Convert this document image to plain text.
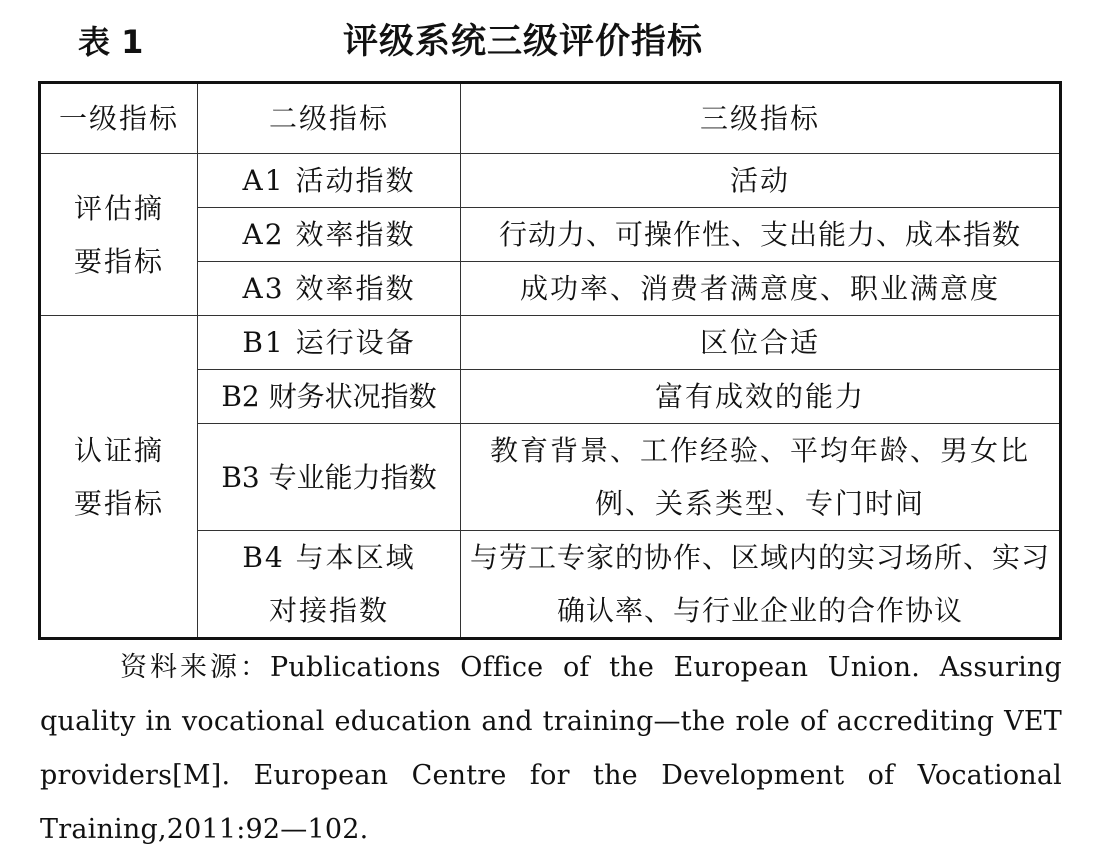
表 1	评级系统三级评价指标
一级指标	二级指标	三级指标
评估摘要指标	A1 活动指数	活动
	A2 效率指数	行动力、可操作性、支出能力、成本指数
	A3 效率指数	成功率、消费者满意度、职业满意度
认证摘要指标	B1 运行设备	区位合适
	B2 财务状况指数	富有成效的能力
	B3 专业能力指数	教育背景、工作经验、平均年龄、男女比例、关系类型、专门时间
	B4 与本区域对接指数	与劳工专家的协作、区域内的实习场所、实习确认率、与行业企业的合作协议
资料来源：Publications Office of the European Union. Assuring quality in vocational education and training—the role of accrediting VET providers[M]. European Centre for the Development of Vocational Training,2011:92—102.
